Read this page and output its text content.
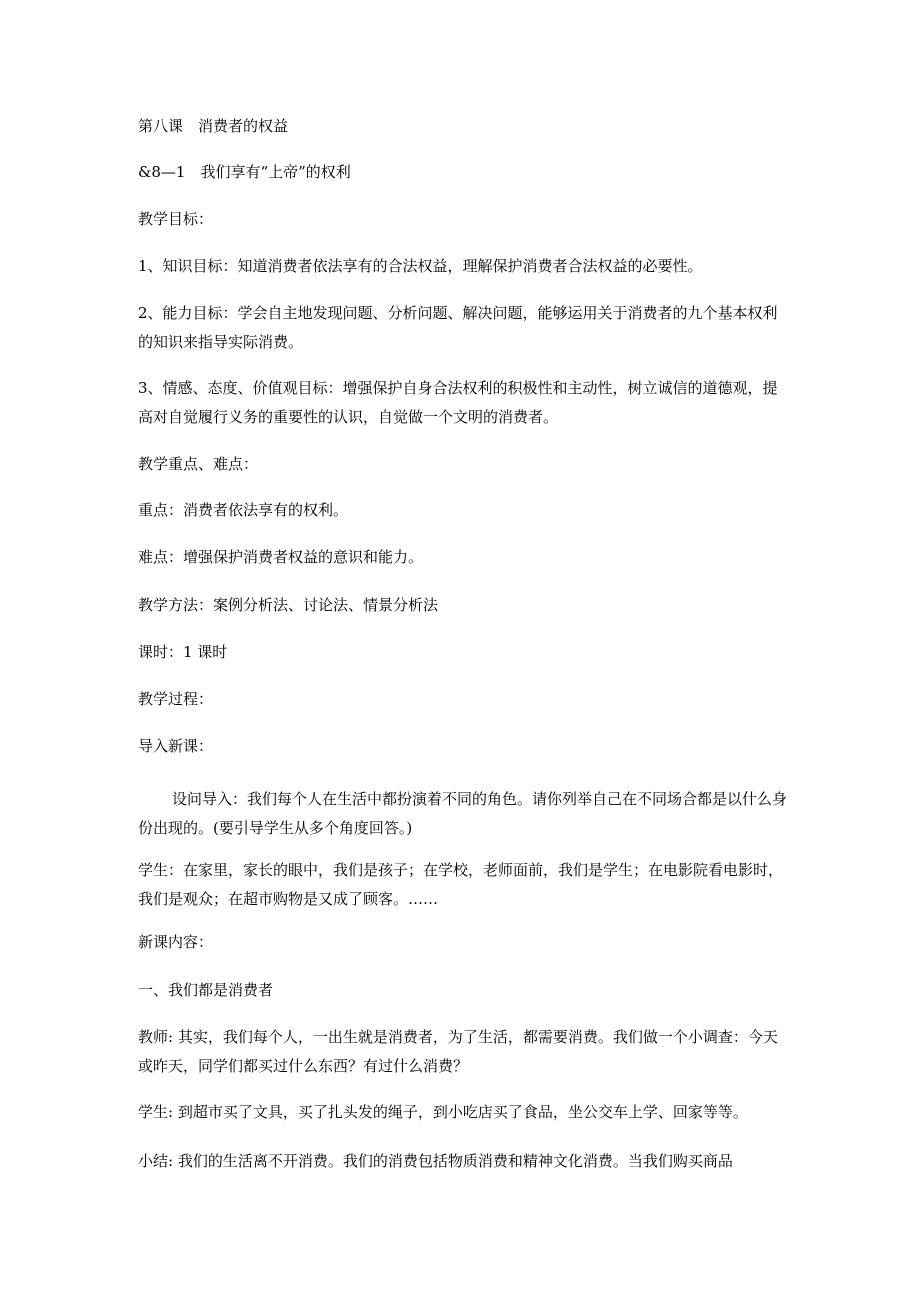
第八课　消费者的权益

&8—1　我们享有“上帝”的权利

教学目标：

1、知识目标：知道消费者依法享有的合法权益，理解保护消费者合法权益的必要性。

2、能力目标：学会自主地发现问题、分析问题、解决问题，能够运用关于消费者的九个基本权利的知识来指导实际消费。

3、情感、态度、价值观目标：增强保护自身合法权利的积极性和主动性，树立诚信的道德观，提高对自觉履行义务的重要性的认识，自觉做一个文明的消费者。

教学重点、难点：

重点：消费者依法享有的权利。

难点：增强保护消费者权益的意识和能力。

教学方法：案例分析法、讨论法、情景分析法

课时：1 课时

教学过程：

导入新课：

设问导入：我们每个人在生活中都扮演着不同的角色。请你列举自己在不同场合都是以什么身份出现的。(要引导学生从多个角度回答。)

学生：在家里，家长的眼中，我们是孩子；在学校，老师面前，我们是学生；在电影院看电影时，我们是观众；在超市购物是又成了顾客。……

新课内容：

一、我们都是消费者

教师: 其实，我们每个人，一出生就是消费者，为了生活，都需要消费。我们做一个小调查：今天或昨天，同学们都买过什么东西？有过什么消费？

学生: 到超市买了文具，买了扎头发的绳子，到小吃店买了食品，坐公交车上学、回家等等。

小结: 我们的生活离不开消费。我们的消费包括物质消费和精神文化消费。当我们购买商品
